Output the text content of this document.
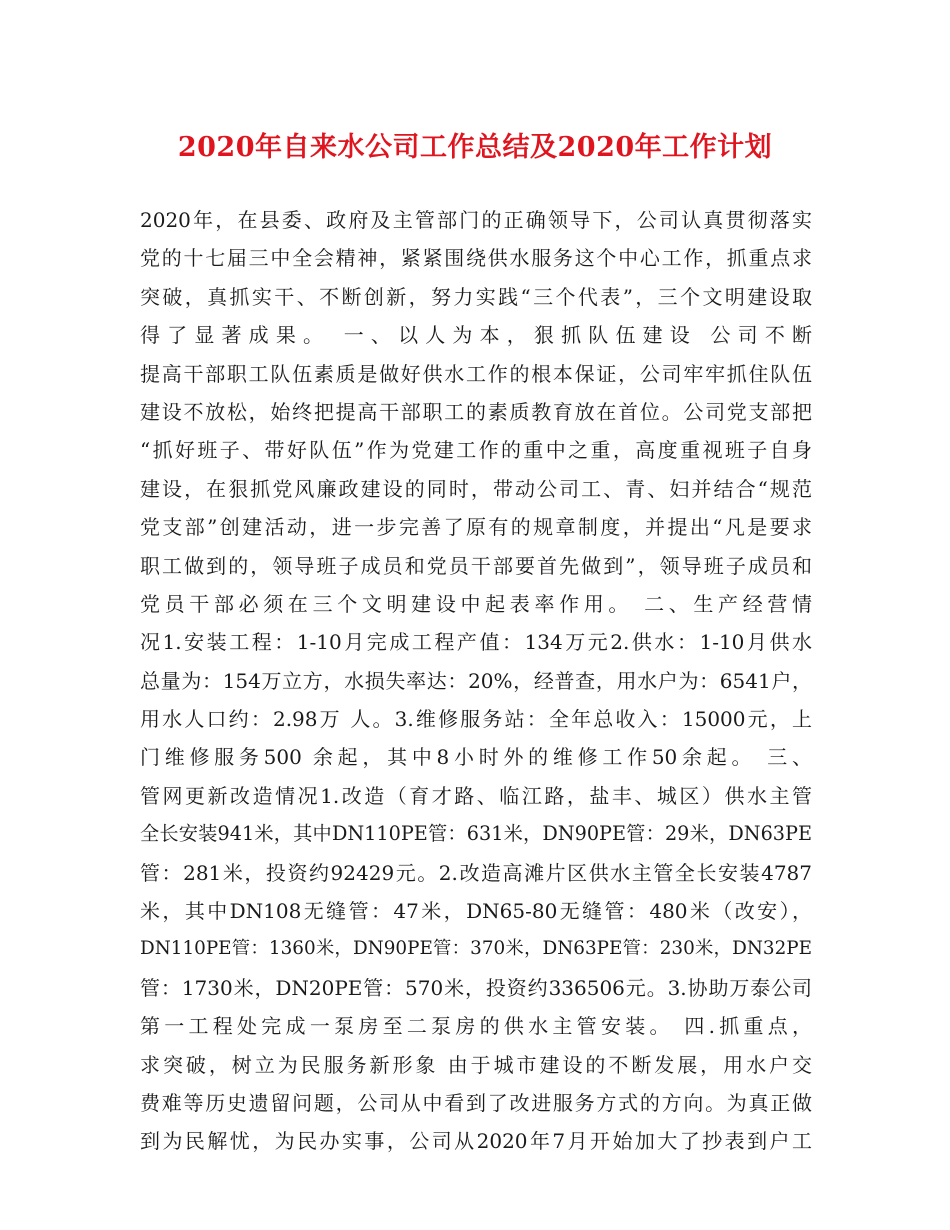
2020年自来水公司工作总结及2020年工作计划
2020年，在县委、政府及主管部门的正确领导下，公司认真贯彻落实
党的十七届三中全会精神，紧紧围绕供水服务这个中心工作，抓重点求
突破，真抓实干、不断创新，努力实践“三个代表”，三个文明建设取
得了显著成果。 一、以人为本，狠抓队伍建设 公司不断
提高干部职工队伍素质是做好供水工作的根本保证，公司牢牢抓住队伍
建设不放松，始终把提高干部职工的素质教育放在首位。公司党支部把
“抓好班子、带好队伍”作为党建工作的重中之重，高度重视班子自身
建设，在狠抓党风廉政建设的同时，带动公司工、青、妇并结合“规范
党支部”创建活动，进一步完善了原有的规章制度，并提出“凡是要求
职工做到的，领导班子成员和党员干部要首先做到”，领导班子成员和
党员干部必须在三个文明建设中起表率作用。 二、生产经营情
况1.安装工程：1-10月完成工程产值：134万元2.供水：1-10月供水
总量为：154万立方，水损失率达：20%，经普查，用水户为：6541户，
用水人口约：2.98万 人。3.维修服务站：全年总收入：15000元，上
门维修服务500 余起，其中8小时外的维修工作50余起。 三、
管网更新改造情况1.改造（育才路、临江路，盐丰、城区）供水主管
全长安装941米，其中DN110PE管：631米，DN90PE管：29米，DN63PE
管：281米，投资约92429元。2.改造高滩片区供水主管全长安装4787
米，其中DN108无缝管：47米，DN65-80无缝管：480米（改安），
DN110PE管：1360米，DN90PE管：370米，DN63PE管：230米，DN32PE
管：1730米，DN20PE管：570米，投资约336506元。3.协助万泰公司
第一工程处完成一泵房至二泵房的供水主管安装。 四.抓重点，
求突破，树立为民服务新形象 由于城市建设的不断发展，用水户交
费难等历史遗留问题，公司从中看到了改进服务方式的方向。为真正做
到为民解忧，为民办实事，公司从2020年7月开始加大了抄表到户工
